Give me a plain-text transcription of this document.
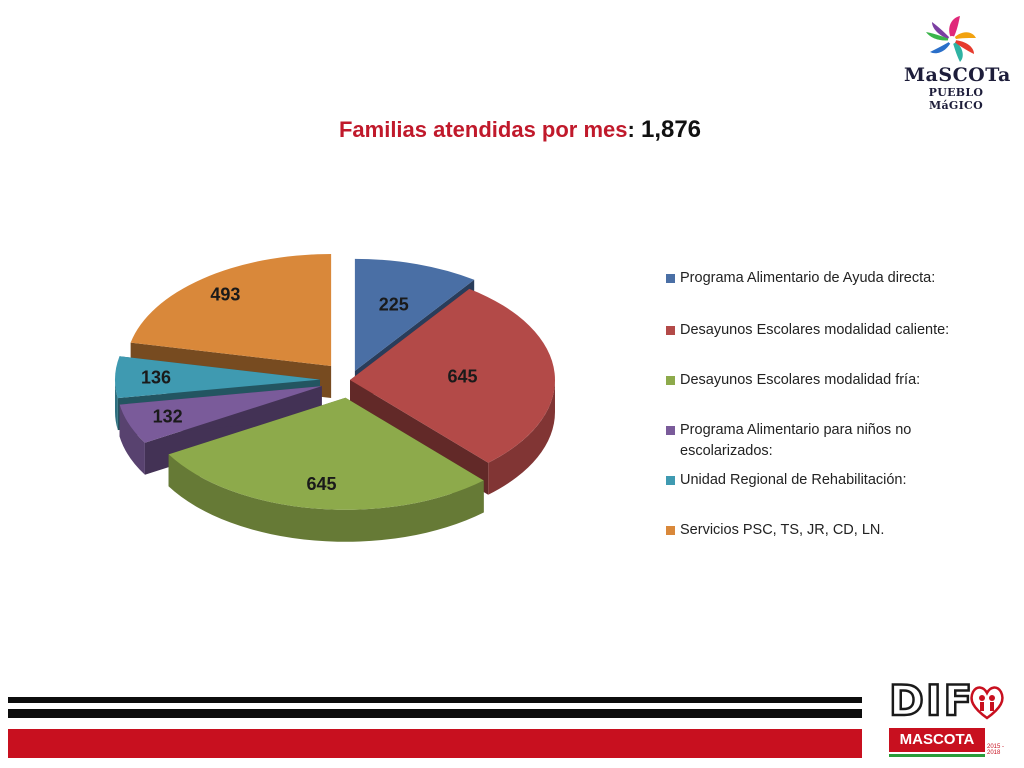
MaSCOTa
PUEBLO MáGICO
Familias atendidas por mes: 1,876
225
645
645
132
136
493
Programa Alimentario de Ayuda directa:
Desayunos Escolares modalidad caliente:
Desayunos Escolares modalidad fría:
Programa Alimentario para niños no escolarizados:
Unidad Regional de Rehabilitación:
Servicios PSC, TS, JR, CD, LN.
DIF
MASCOTA	2015 - 2018
